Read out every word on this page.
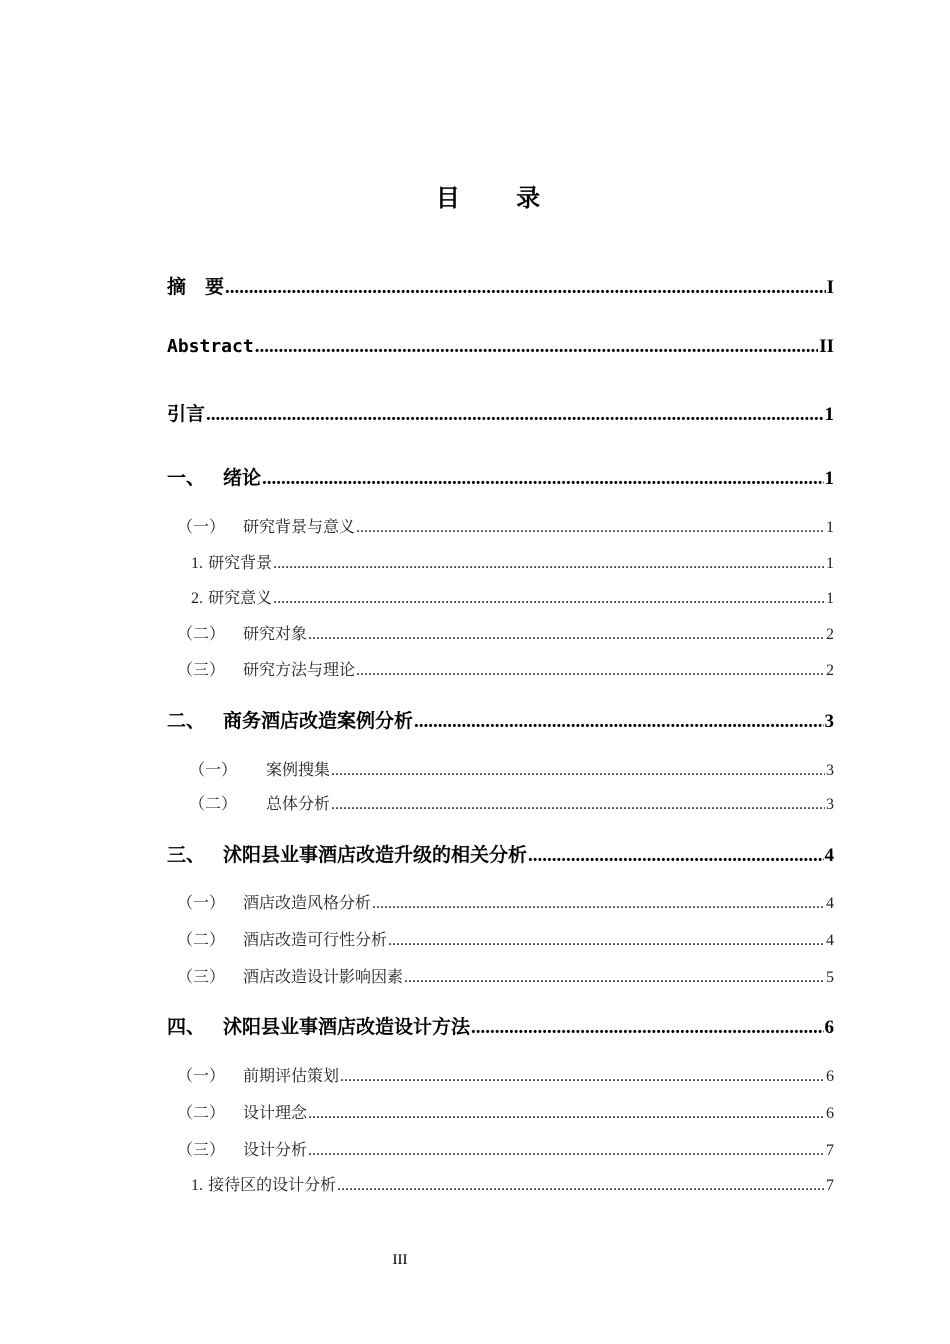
目 录
摘　要 .....	I
Abstract .....	II
引言 .....	1
一、 绪论 .....	1
（一） 研究背景与意义 .....	1
1. 研究背景 .....	1
2. 研究意义 .....	1
（二） 研究对象 .....	2
（三） 研究方法与理论 .....	2
二、 商务酒店改造案例分析 .....	3
（一） 案例搜集 .....	3
（二） 总体分析 .....	3
三、 沭阳县业事酒店改造升级的相关分析 .....	4
（一） 酒店改造风格分析 .....	4
（二） 酒店改造可行性分析 .....	4
（三） 酒店改造设计影响因素 .....	5
四、 沭阳县业事酒店改造设计方法 .....	6
（一） 前期评估策划 .....	6
（二） 设计理念 .....	6
（三） 设计分析 .....	7
1. 接待区的设计分析 .....	7
III
